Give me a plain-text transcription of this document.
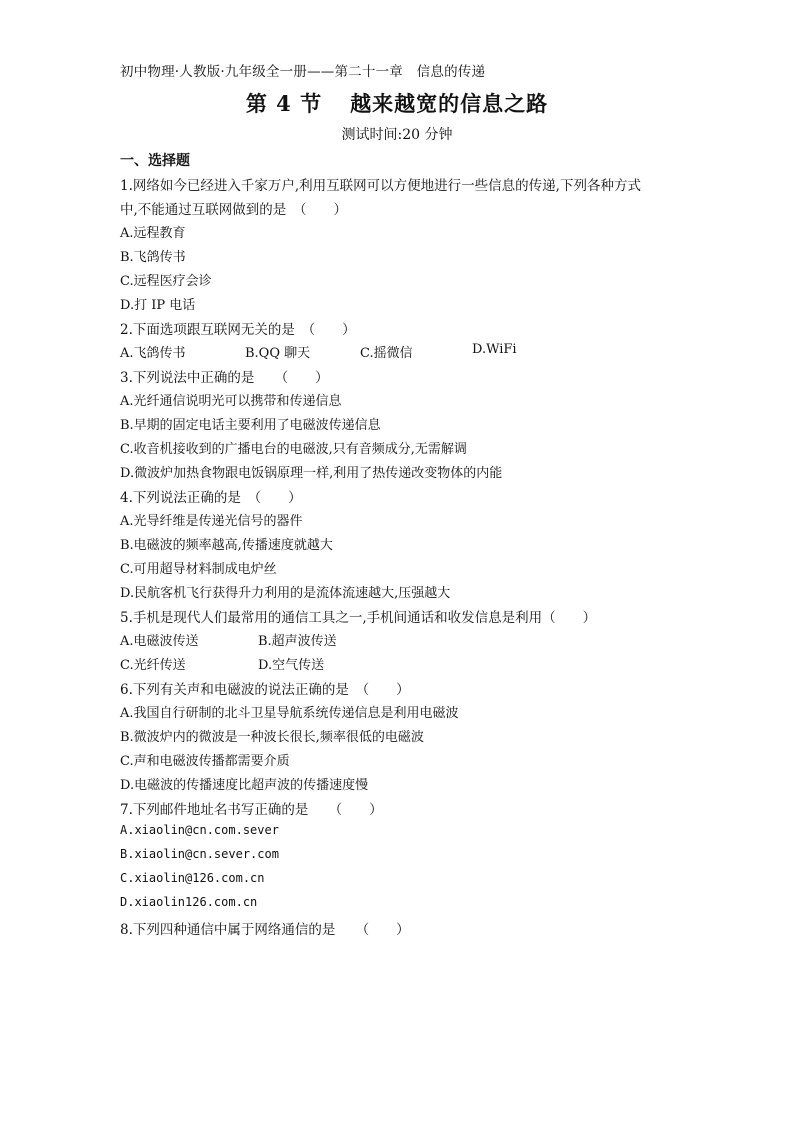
初中物理·人教版·九年级全一册——第二十一章　信息的传递
第 4 节 越来越宽的信息之路
测试时间:20 分钟
一、选择题
1.网络如今已经进入千家万户,利用互联网可以方便地进行一些信息的传递,下列各种方式
中,不能通过互联网做到的是　（　　）
A.远程教育
B.飞鸽传书
C.远程医疗会诊
D.打 IP 电话
2.下面选项跟互联网无关的是　（　　）
A.飞鸽传书	B.QQ 聊天	C.摇微信	D.WiFi
3.下列说法中正确的是　　（　　）
A.光纤通信说明光可以携带和传递信息
B.早期的固定电话主要利用了电磁波传递信息
C.收音机接收到的广播电台的电磁波,只有音频成分,无需解调
D.微波炉加热食物跟电饭锅原理一样,利用了热传递改变物体的内能
4.下列说法正确的是　（　　）
A.光导纤维是传递光信号的器件
B.电磁波的频率越高,传播速度就越大
C.可用超导材料制成电炉丝
D.民航客机飞行获得升力利用的是流体流速越大,压强越大
5.手机是现代人们最常用的通信工具之一,手机间通话和收发信息是利用（　　）
A.电磁波传送	B.超声波传送
C.光纤传送	D.空气传送
6.下列有关声和电磁波的说法正确的是　（　　）
A.我国自行研制的北斗卫星导航系统传递信息是利用电磁波
B.微波炉内的微波是一种波长很长,频率很低的电磁波
C.声和电磁波传播都需要介质
D.电磁波的传播速度比超声波的传播速度慢
7.下列邮件地址名书写正确的是　　（　　）
A.xiaolin@cn.com.sever
B.xiaolin@cn.sever.com
C.xiaolin@126.com.cn
D.xiaolin126.com.cn
8.下列四种通信中属于网络通信的是　　（　　）
